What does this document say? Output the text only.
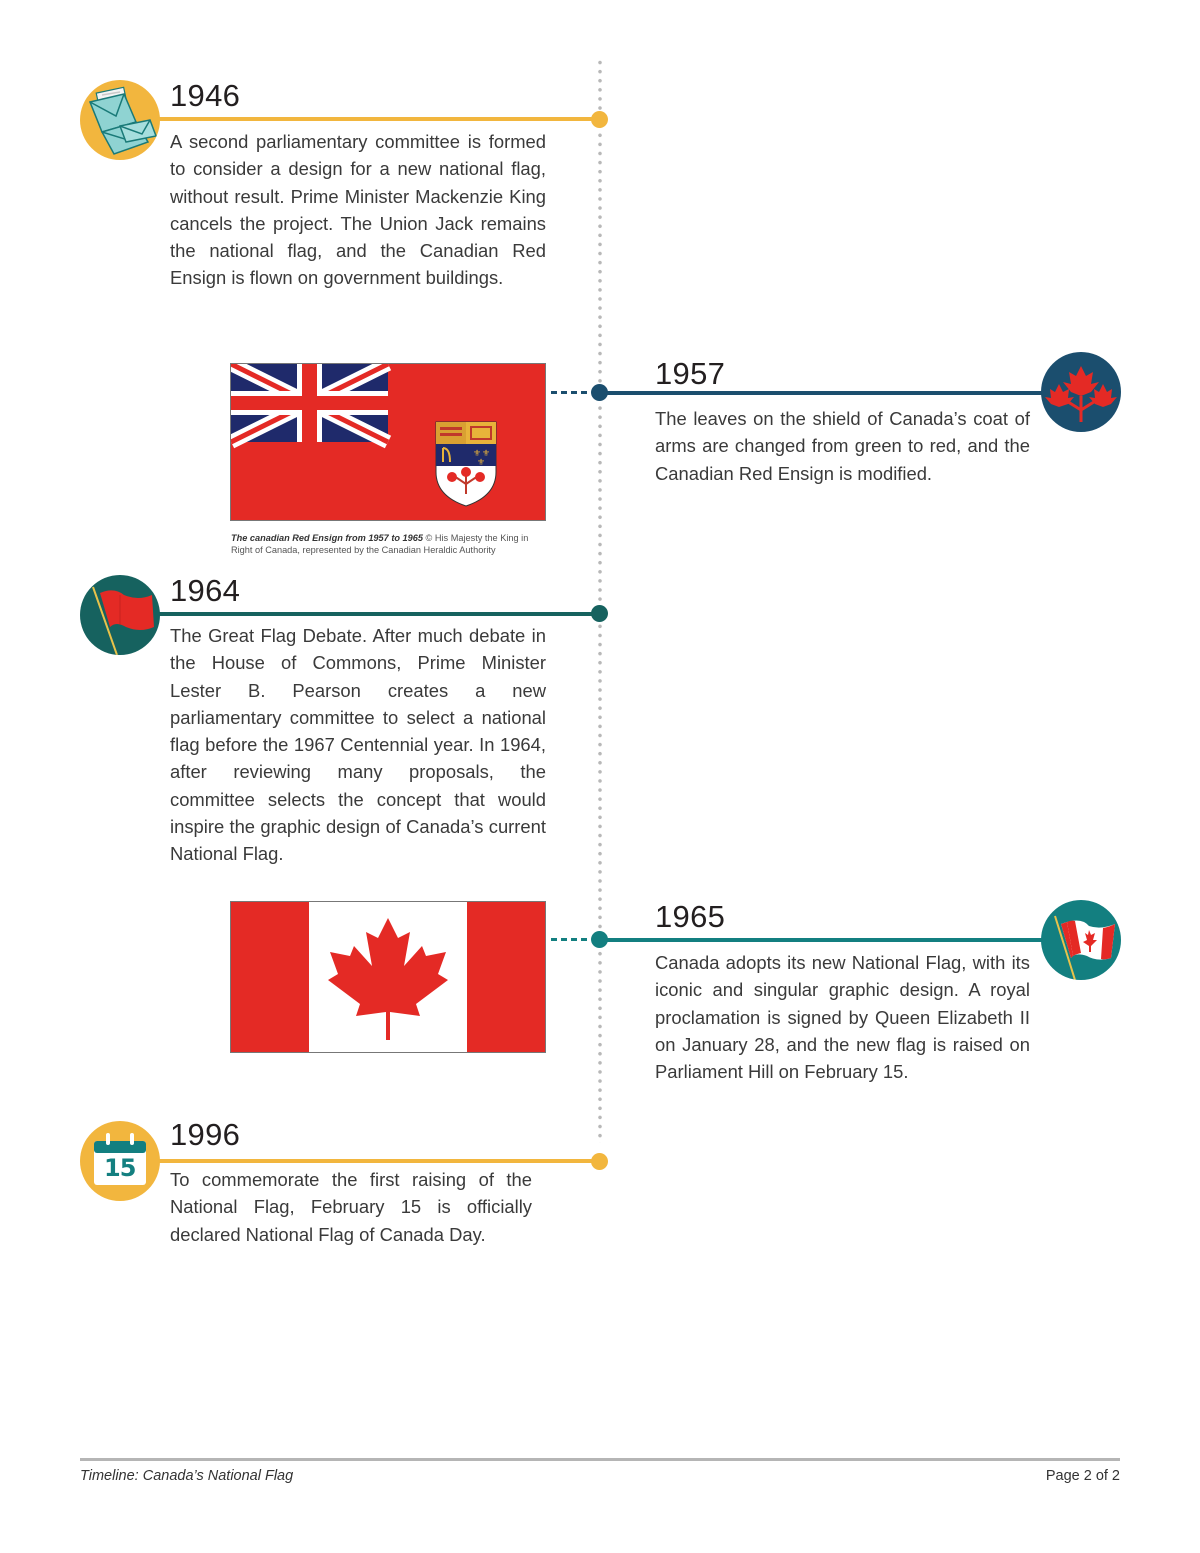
1946
A second parliamentary committee is formed to consider a design for a new national flag, without result. Prime Minister Mackenzie King cancels the project. The Union Jack remains the national flag, and the Canadian Red Ensign is flown on government buildings.
⚜ ⚜
⚜
The canadian Red Ensign from 1957 to 1965 © His Majesty the King in Right of Canada, represented by the Canadian Heraldic Authority
1957
The leaves on the shield of Canada’s coat of arms are changed from green to red, and the Canadian Red Ensign is modified.
1964
The Great Flag Debate. After much debate in the House of Commons, Prime Minister Lester B. Pearson creates a new parliamentary committee to select a national flag before the 1967 Centennial year. In 1964, after reviewing many proposals, the committee selects the concept that would inspire the graphic design of Canada’s current National Flag.
1965
Canada adopts its new National Flag, with its iconic and singular graphic design. A royal proclamation is signed by Queen Elizabeth II on January 28, and the new flag is raised on Parliament Hill on February 15.
15
1996
To commemorate the first raising of the National Flag, February 15 is officially declared National Flag of Canada Day.
Timeline: Canada’s National Flag	Page 2 of 2
